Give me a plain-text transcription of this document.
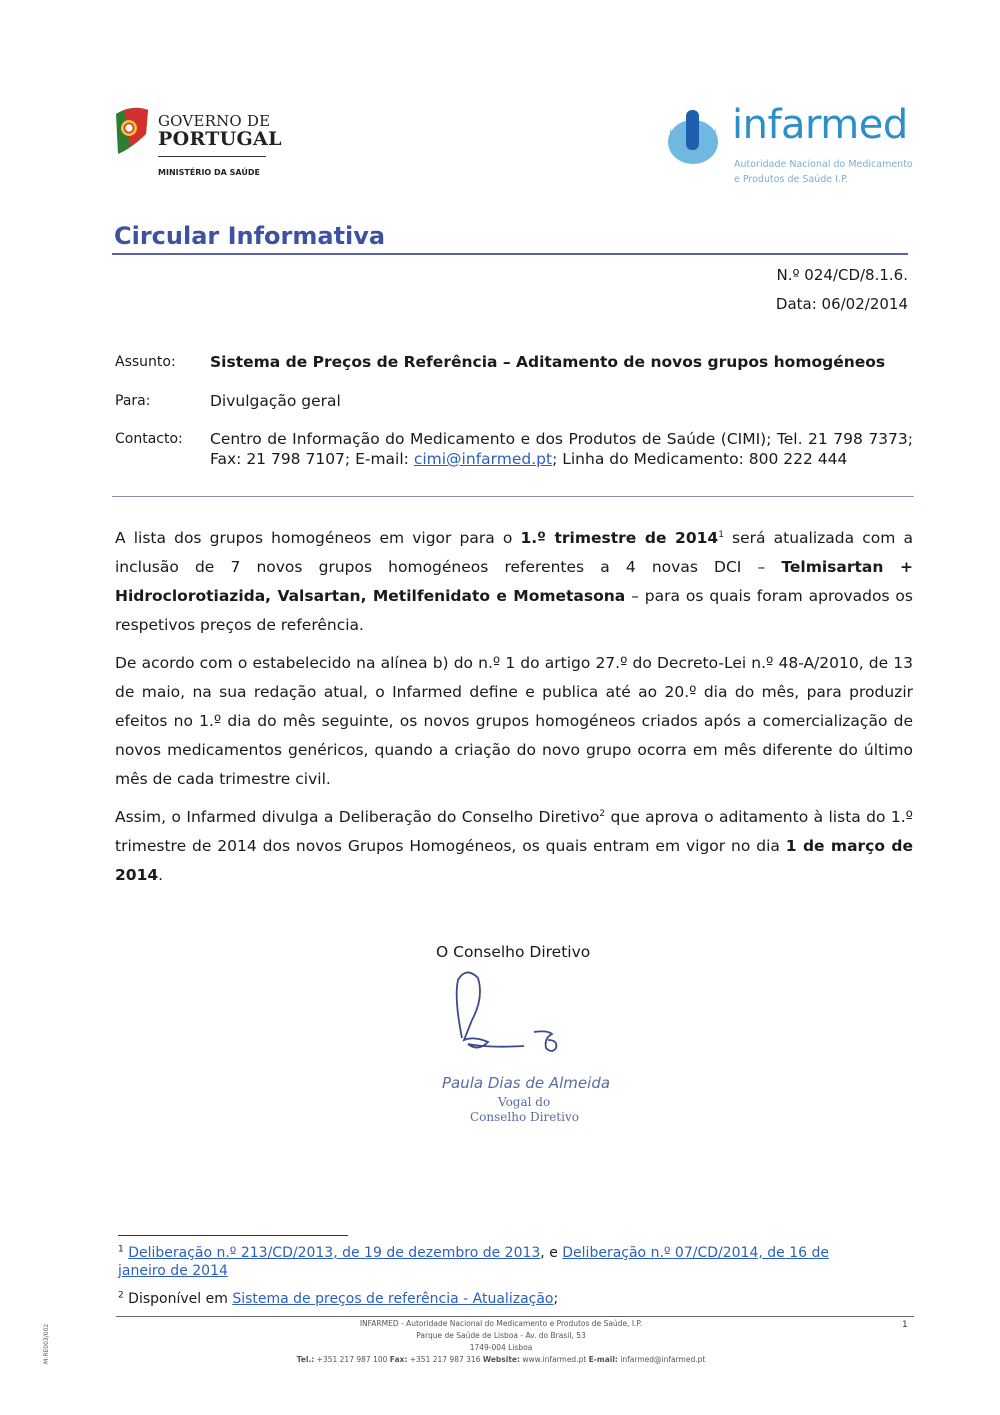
GOVERNO DE
PORTUGAL
MINISTÉRIO DA SAÚDE
infarmed
Autoridade Nacional do Medicamento
e Produtos de Saúde I.P.
Circular Informativa
N.º 024/CD/8.1.6.
Data: 06/02/2014
Assunto: Sistema de Preços de Referência – Aditamento de novos grupos homogéneos
Para:	Divulgação geral
Contacto: Centro de Informação do Medicamento e dos Produtos de Saúde (CIMI); Tel. 21 798 7373; Fax: 21 798 7107; E-mail: cimi@infarmed.pt; Linha do Medicamento: 800 222 444

A lista dos grupos homogéneos em vigor para o 1.º trimestre de 2014$^1$ será atualizada com a inclusão de 7 novos grupos homogéneos referentes a 4 novas DCI – Telmisartan + Hidroclorotiazida, Valsartan, Metilfenidato e Mometasona – para os quais foram aprovados os respetivos preços de referência.

De acordo com o estabelecido na alínea b) do n.º 1 do artigo 27.º do Decreto-Lei n.º 48-A/2010, de 13 de maio, na sua redação atual, o Infarmed define e publica até ao 20.º dia do mês, para produzir efeitos no 1.º dia do mês seguinte, os novos grupos homogéneos criados após a comercialização de novos medicamentos genéricos, quando a criação do novo grupo ocorra em mês diferente do último mês de cada trimestre civil.

Assim, o Infarmed divulga a Deliberação do Conselho Diretivo$^2$ que aprova o aditamento à lista do 1.º trimestre de 2014 dos novos Grupos Homogéneos, os quais entram em vigor no dia 1 de março de 2014.

O Conselho Diretivo
Paula Dias de Almeida
Vogal do
Conselho Diretivo
$^1$ Deliberação n.º 213/CD/2013, de 19 de dezembro de 2013, e Deliberação n.º 07/CD/2014, de 16 de janeiro de 2014
$^2$ Disponível em Sistema de preços de referência - Atualização;
INFARMED - Autoridade Nacional do Medicamento e Produtos de Saúde, I.P.
Parque de Saúde de Lisboa - Av. do Brasil, 53
1749-004 Lisboa
Tel.: +351 217 987 100 Fax: +351 217 987 316 Website: www.infarmed.pt E-mail: infarmed@infarmed.pt
1
M-RE003/002
